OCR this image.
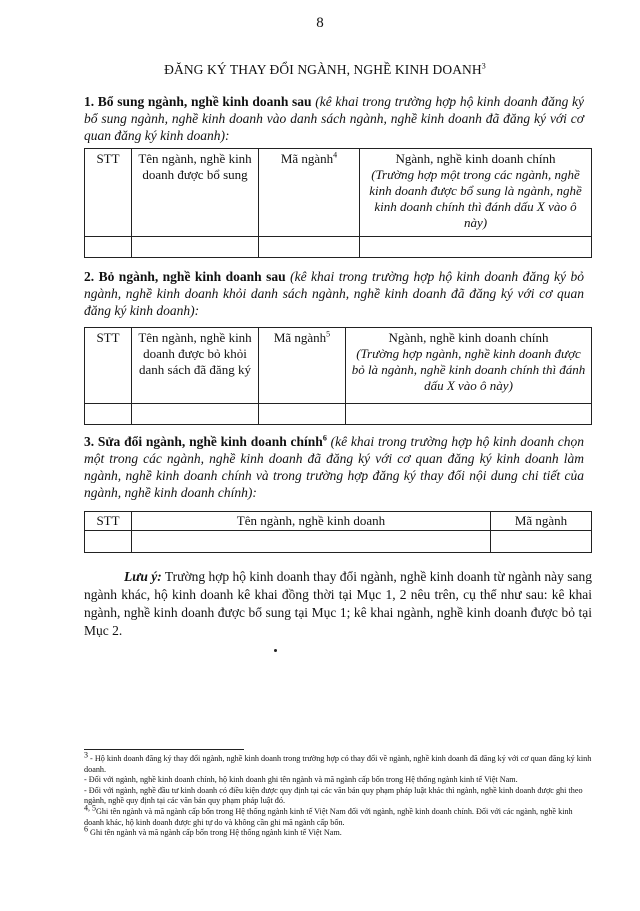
8
ĐĂNG KÝ THAY ĐỔI NGÀNH, NGHỀ KINH DOANH$^3$
1. Bổ sung ngành, nghề kinh doanh sau (kê khai trong trường hợp hộ kinh doanh đăng ký bổ sung ngành, nghề kinh doanh vào danh sách ngành, nghề kinh doanh đã đăng ký với cơ quan đăng ký kinh doanh):
STT	Tên ngành, nghề kinh doanh được bổ sung	Mã ngành$^4$	Ngành, nghề kinh doanh chính
(Trường hợp một trong các ngành, nghề kinh doanh được bổ sung là ngành, nghề kinh doanh chính thì đánh dấu X vào ô này)

2. Bỏ ngành, nghề kinh doanh sau (kê khai trong trường hợp hộ kinh doanh đăng ký bỏ ngành, nghề kinh doanh khỏi danh sách ngành, nghề kinh doanh đã đăng ký với cơ quan đăng ký kinh doanh):
STT	Tên ngành, nghề kinh doanh được bỏ khỏi danh sách đã đăng ký	Mã ngành$^5$	Ngành, nghề kinh doanh chính
(Trường hợp ngành, nghề kinh doanh được bỏ là ngành, nghề kinh doanh chính thì đánh dấu X vào ô này)

3. Sửa đổi ngành, nghề kinh doanh chính$^6$ (kê khai trong trường hợp hộ kinh doanh chọn một trong các ngành, nghề kinh doanh đã đăng ký với cơ quan đăng ký kinh doanh làm ngành, nghề kinh doanh chính và trong trường hợp đăng ký thay đổi nội dung chi tiết của ngành, nghề kinh doanh chính):
STT	Tên ngành, nghề kinh doanh	Mã ngành

Lưu ý: Trường hợp hộ kinh doanh thay đổi ngành, nghề kinh doanh từ ngành này sang ngành khác, hộ kinh doanh kê khai đồng thời tại Mục 1, 2 nêu trên, cụ thể như sau: kê khai ngành, nghề kinh doanh được bổ sung tại Mục 1; kê khai ngành, nghề kinh doanh được bỏ tại Mục 2.
$^3$ - Hộ kinh doanh đăng ký thay đổi ngành, nghề kinh doanh trong trường hợp có thay đổi về ngành, nghề kinh doanh đã đăng ký với cơ quan đăng ký kinh doanh.
- Đối với ngành, nghề kinh doanh chính, hộ kinh doanh ghi tên ngành và mã ngành cấp bốn trong Hệ thống ngành kinh tế Việt Nam.
- Đối với ngành, nghề đầu tư kinh doanh có điều kiện được quy định tại các văn bản quy phạm pháp luật khác thì ngành, nghề kinh doanh được ghi theo ngành, nghề quy định tại các văn bản quy phạm pháp luật đó.
$^{4, 5}$Ghi tên ngành và mã ngành cấp bốn trong Hệ thống ngành kinh tế Việt Nam đối với ngành, nghề kinh doanh chính. Đối với các ngành, nghề kinh doanh khác, hộ kinh doanh được ghi tự do và không cần ghi mã ngành cấp bốn.
$^6$ Ghi tên ngành và mã ngành cấp bốn trong Hệ thống ngành kinh tế Việt Nam.
